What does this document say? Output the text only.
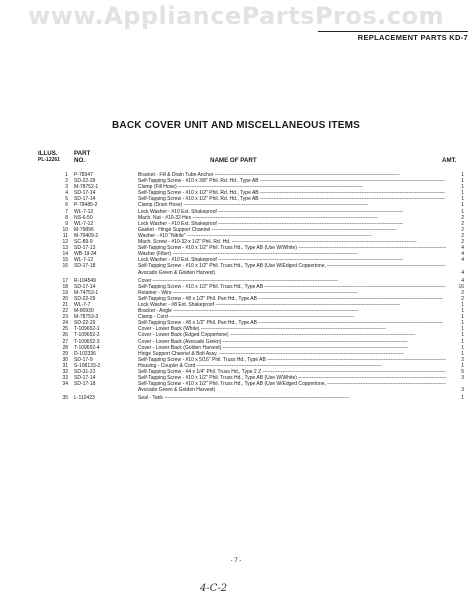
www.AppliancePartsPros.com
REPLACEMENT PARTS KD-7
BACK COVER UNIT AND MISCELLANEOUS ITEMS
ILLUS.
PL-12261
PART
NO.	NAME OF PART	AMT.
1 P-78347	Bracket - Fill & Drain Tube Anchor -----	1
2 SD-22-29	Self-Tapping Screw - #10 x 3/8" Phil. Rd. Hd., Type AB -----	1
3 M-78752-1	Clamp (Fill Hose) -----	1
4 SD-17-14	Self-Tapping Screw - #10 x 1/2" Phil. Rd. Hd., Type AB -----	1
5 SD-17-14	Self-Tapping Screw - #10 x 1/2" Phil. Rd. Hd., Type AB -----	1
6 P-78485-2	Clamp (Drain Hose) -----	1
7 WL-7-12	Lock Washer - #10 Ext. Shakeproof -----	1
8 NS-6-50	Mach. Nut - #10-32 Hex -----	2
9 WL-7-12	Lock Washer - #10 Ext. Shakeproof -----	2
10 M-79896	Gasket - Hinge Support Channel -----	2
11 M-79409-2	Washer - #10 "Nitrile" -----	2
12 SC-89-9	Mach. Screw - #10-32 x 1/2" Phil. Rd. Hd. -----	2
13 SD-17-13	Self-Tapping Screw - #10 x 1/2" Phil. Truss Hd., Type AB (Use W/White) -----	4
14 WB-19-34	Washer (Fiber) -----	4
15 WL-7-12	Lock Washer - #10 Ext. Shakeproof -----	4
16 SD-17-18	Self-Tapping Screw - #10 x 1/2" Phil. Truss Hd., Type AB (Use W/Edged Coppertone, -----
Avocado Green & Golden Harvest)	4
17 R-104549	Cover -----	4
18 SD-17-14	Self-Tapping Screw - #10 x 1/2" Phil. Truss Hd., Type AB -----	16
19 M-74753-1	Retainer - Wire -----	2
20 SD-22-29	Self-Tapping Screw - #8 x 1/2" Phil. Pan Hd., Type AB -----	2
21 WL-7-7	Lock Washer - #8 Ext. Shakeproof -----	1
22 M-80930	Bracket - Angle -----	1
23 M-78753-3	Clamp - Cord -----	1
24 SD-22-29	Self-Tapping Screw - #8 x 1/2" Phil. Pan Hd., Type AB -----	1
25 T-109652-1	Cover - Lower Back (White) -----	1
26 T-109652-2	Cover - Lower Back (Edged Coppertone) -----	1
27 T-109652-3	Cover - Lower Back (Avocado Green) -----	1
28 T-109652-4	Cover - Lower Back (Golden Harvest) -----	1
29 D-102336	Hinge Support Channel & Bolt Assy. -----	1
30 SD-17-9	Self-Tapping Screw - #10 x 5/16" Phil. Truss Hd., Type AB -----	2
31 S-108133-2	Housing - Coupler & Cord -----	1
32 SD-31-21	Self-Tapping Screw - #4 x 1/4" Phil. Truss Hd., Type 2 Z -----	5
33 SD-17-14	Self-Tapping Screw - #10 x 1/2" Phil. Truss Hd., Type AB (Use W/White) -----	3
34 SD-17-18	Self-Tapping Screw - #10 x 1/2" Phil. Truss Hd., Type AB (Use W/Edged Coppertone, -----
Avocado Green & Golden Harvest)	3
35 L-110423	Seal - Tank -----	1
- 7 -
4-C-2
